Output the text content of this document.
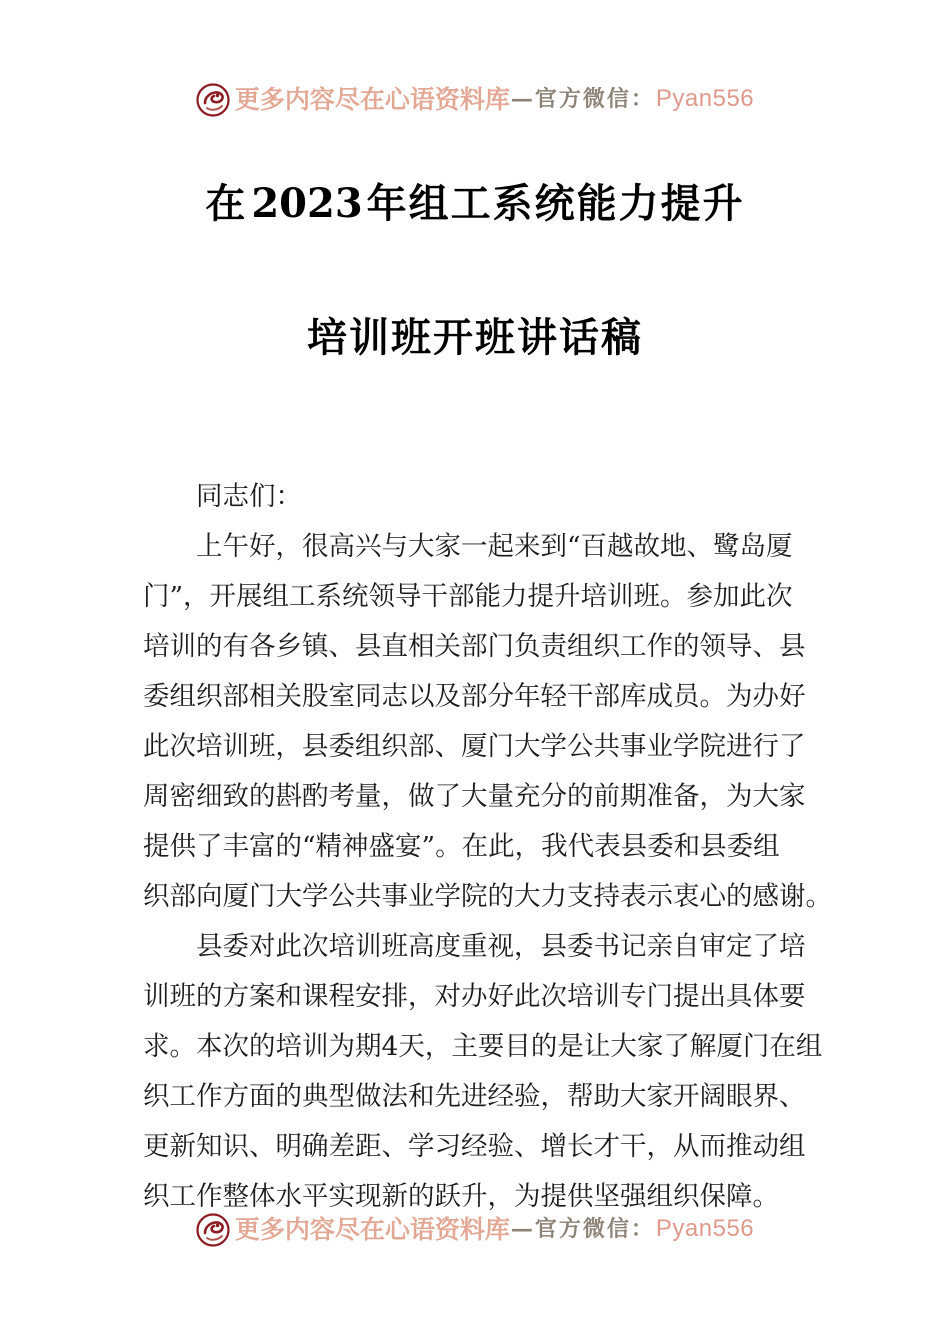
更多内容尽在心语资料库 —官方微信： Pyan556
在 2023 年组工系统能力提升
培训班开班讲话稿
同志们：
上午好，很高兴与大家一起来到“百越故地、鹭岛厦
门”，开展组工系统领导干部能力提升培训班。参加此次
培训的有各乡镇、县直相关部门负责组织工作的领导、县
委组织部相关股室同志以及部分年轻干部库成员。为办好
此次培训班，县委组织部、厦门大学公共事业学院进行了
周密细致的斟酌考量，做了大量充分的前期准备，为大家
提供了丰富的“精神盛宴”。在此，我代表县委和县委组
织部向厦门大学公共事业学院的大力支持表示衷心的感谢。
县委对此次培训班高度重视，县委书记亲自审定了培
训班的方案和课程安排，对办好此次培训专门提出具体要
求。本次的培训为期4天，主要目的是让大家了解厦门在组
织工作方面的典型做法和先进经验，帮助大家开阔眼界、
更新知识、明确差距、学习经验、增长才干，从而推动组
织工作整体水平实现新的跃升，为提供坚强组织保障。
更多内容尽在心语资料库 —官方微信： Pyan556
